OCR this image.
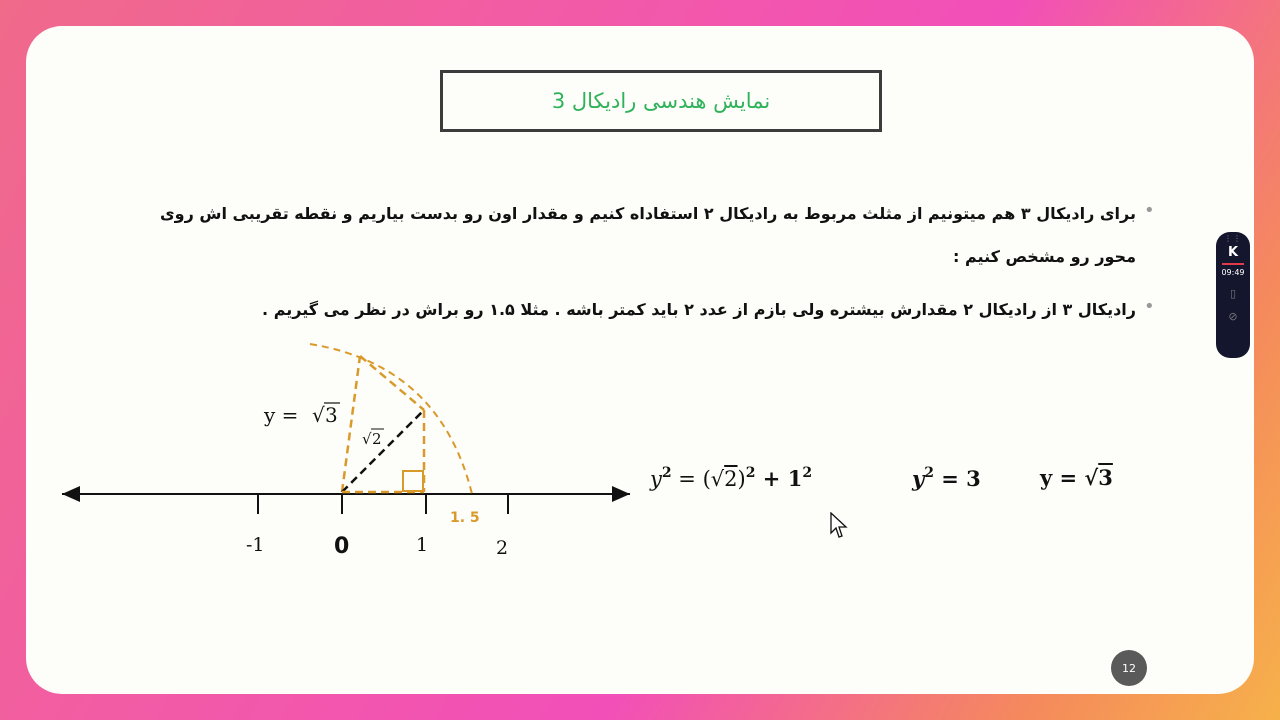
نمایش هندسی رادیکال 3
•
برای رادیکال ۳ هم میتونیم از مثلث مربوط به رادیکال ۲ استفاداه کنیم و مقدار اون رو بدست بیاریم و نقطه تقریبی اش روی محور رو مشخص کنیم :
•
رادیکال ۳ از رادیکال ۲ مقدارش بیشتره ولی بازم از عدد ۲ باید کمتر باشه . مثلا ۱.۵ رو براش در نظر می گیریم .
12
-1	0	1	2
1. 5
y = √ 3
√ 2
$y^2 = (√2)^2 + 1^2$	$y^2 = 3$	y = √3
⋮⋮
K
09:49
▯
⊘
